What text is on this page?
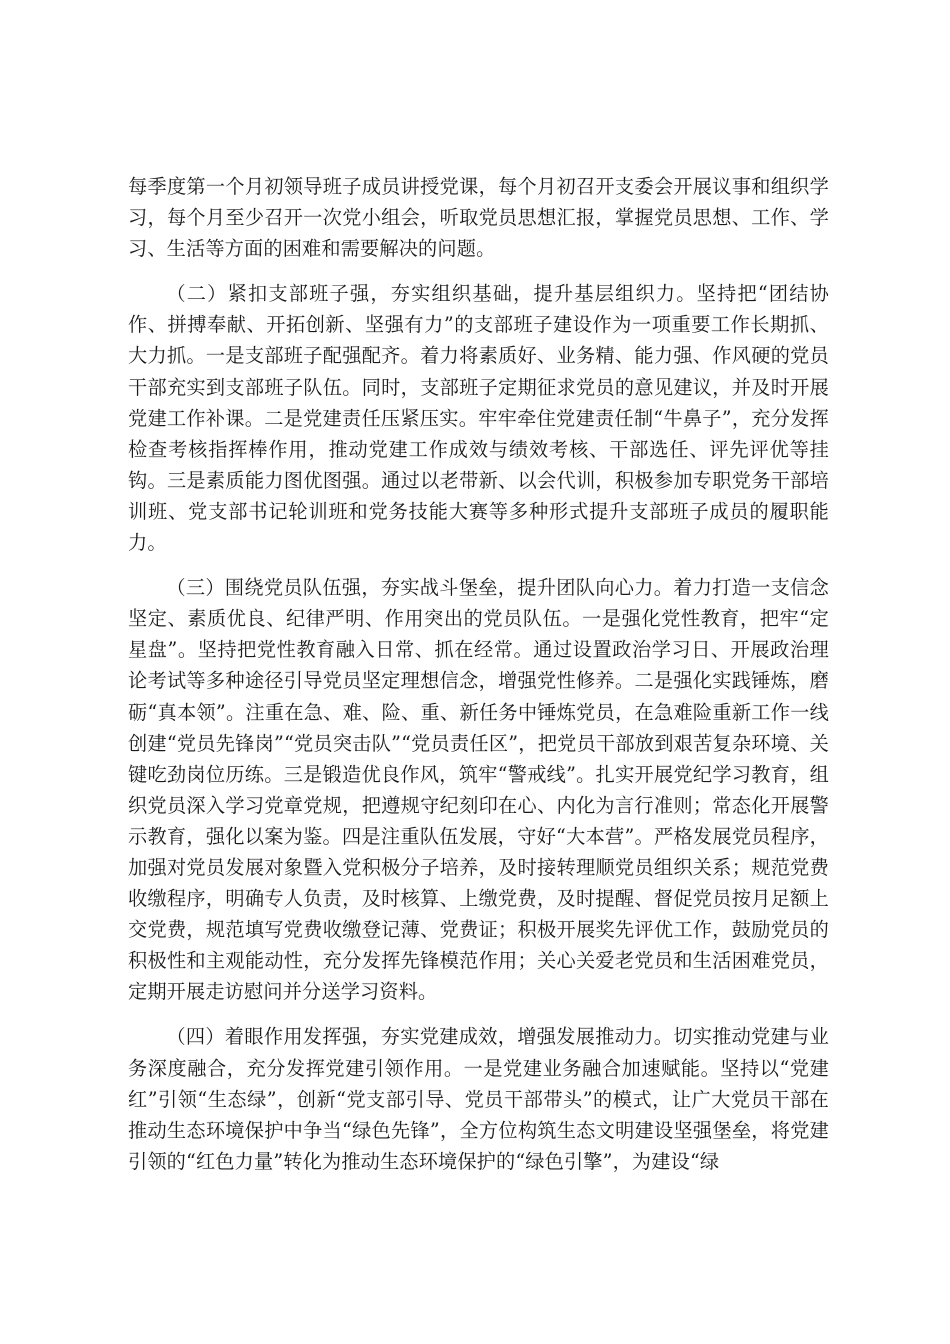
每季度第一个月初领导班子成员讲授党课，每个月初召开支委会开展议事和组织学习，每个月至少召开一次党小组会，听取党员思想汇报，掌握党员思想、工作、学习、生活等方面的困难和需要解决的问题。

（二）紧扣支部班子强，夯实组织基础，提升基层组织力。坚持把“团结协作、拼搏奉献、开拓创新、坚强有力”的支部班子建设作为一项重要工作长期抓、大力抓。一是支部班子配强配齐。着力将素质好、业务精、能力强、作风硬的党员干部充实到支部班子队伍。同时，支部班子定期征求党员的意见建议，并及时开展党建工作补课。二是党建责任压紧压实。牢牢牵住党建责任制“牛鼻子”，充分发挥检查考核指挥棒作用，推动党建工作成效与绩效考核、干部选任、评先评优等挂钩。三是素质能力图优图强。通过以老带新、以会代训，积极参加专职党务干部培训班、党支部书记轮训班和党务技能大赛等多种形式提升支部班子成员的履职能力。

（三）围绕党员队伍强，夯实战斗堡垒，提升团队向心力。着力打造一支信念坚定、素质优良、纪律严明、作用突出的党员队伍。一是强化党性教育，把牢“定星盘”。坚持把党性教育融入日常、抓在经常。通过设置政治学习日、开展政治理论考试等多种途径引导党员坚定理想信念，增强党性修养。二是强化实践锤炼，磨砺“真本领”。注重在急、难、险、重、新任务中锤炼党员，在急难险重新工作一线创建“党员先锋岗”“党员突击队”“党员责任区”，把党员干部放到艰苦复杂环境、关键吃劲岗位历练。三是锻造优良作风，筑牢“警戒线”。扎实开展党纪学习教育，组织党员深入学习党章党规，把遵规守纪刻印在心、内化为言行准则；常态化开展警示教育，强化以案为鉴。四是注重队伍发展，守好“大本营”。严格发展党员程序，加强对党员发展对象暨入党积极分子培养，及时接转理顺党员组织关系；规范党费收缴程序，明确专人负责，及时核算、上缴党费，及时提醒、督促党员按月足额上交党费，规范填写党费收缴登记薄、党费证；积极开展奖先评优工作，鼓励党员的积极性和主观能动性，充分发挥先锋模范作用；关心关爱老党员和生活困难党员，定期开展走访慰问并分送学习资料。

（四）着眼作用发挥强，夯实党建成效，增强发展推动力。切实推动党建与业务深度融合，充分发挥党建引领作用。一是党建业务融合加速赋能。坚持以“党建红”引领“生态绿”，创新“党支部引导、党员干部带头”的模式，让广大党员干部在推动生态环境保护中争当“绿色先锋”，全方位构筑生态文明建设坚强堡垒，将党建引领的“红色力量”转化为推动生态环境保护的“绿色引擎”，为建设“绿
